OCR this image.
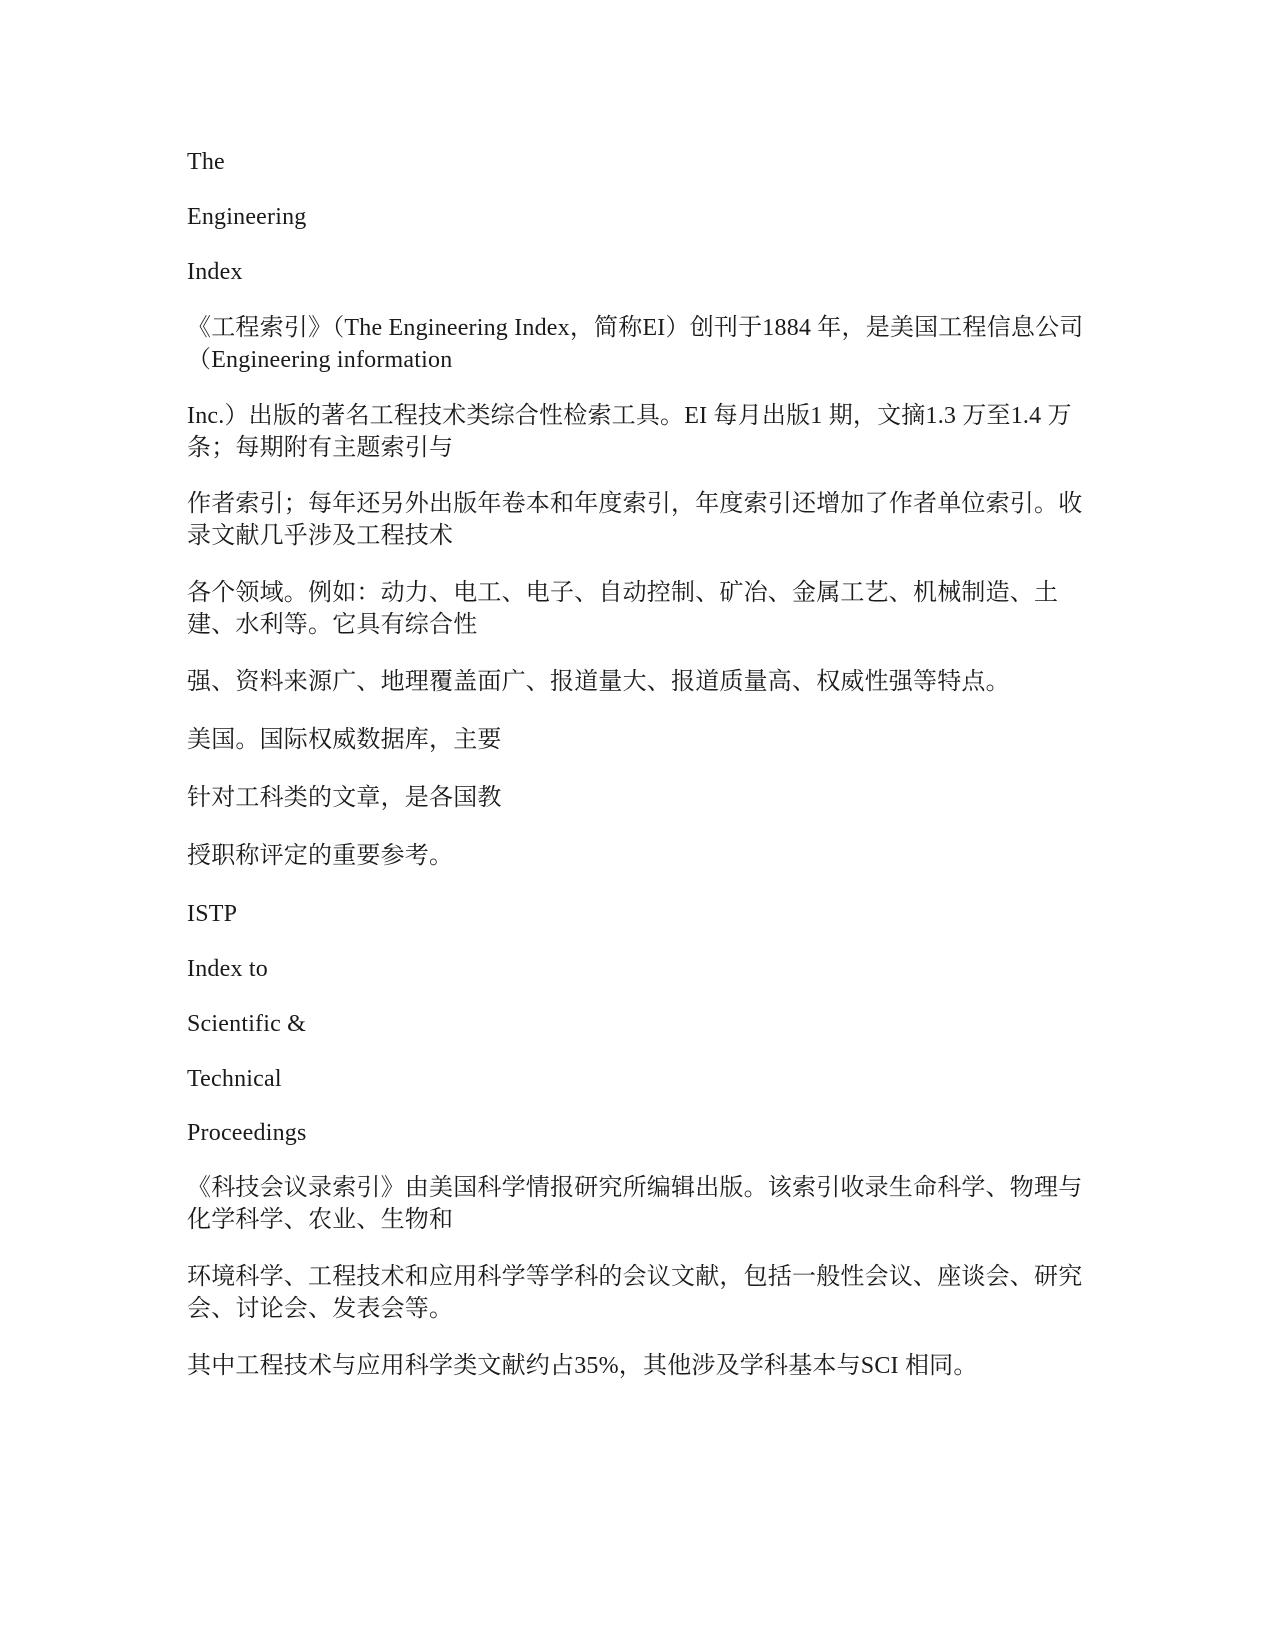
The

Engineering

Index

《工程索引》（The Engineering Index，简称EI）创刊于1884 年，是美国工程信息公司（Engineering information

Inc.）出版的著名工程技术类综合性检索工具。EI 每月出版1 期，文摘1.3 万至1.4 万条；每期附有主题索引与

作者索引；每年还另外出版年卷本和年度索引，年度索引还增加了作者单位索引。收录文献几乎涉及工程技术

各个领域。例如：动力、电工、电子、自动控制、矿冶、金属工艺、机械制造、土建、水利等。它具有综合性

强、资料来源广、地理覆盖面广、报道量大、报道质量高、权威性强等特点。

美国。国际权威数据库，主要

针对工科类的文章，是各国教

授职称评定的重要参考。

ISTP

Index to

Scientific &

Technical

Proceedings

《科技会议录索引》由美国科学情报研究所编辑出版。该索引收录生命科学、物理与化学科学、农业、生物和

环境科学、工程技术和应用科学等学科的会议文献，包括一般性会议、座谈会、研究会、讨论会、发表会等。

其中工程技术与应用科学类文献约占35%，其他涉及学科基本与SCI 相同。
